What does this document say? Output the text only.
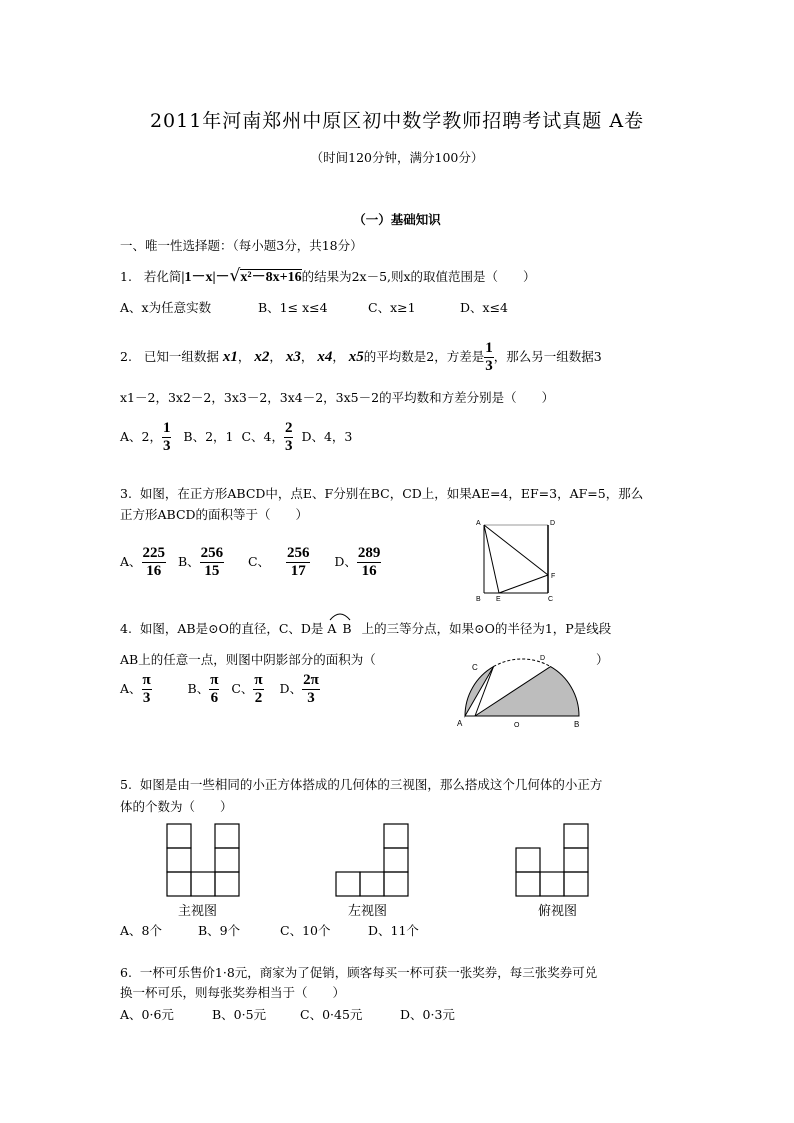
2011年河南郑州中原区初中数学教师招聘考试真题 A卷
（时间120分钟，满分100分）
（一）基础知识
一、唯一性选择题：（每小题3分，共18分）
1. 若化简|1－x|－√x²－8x+16的结果为2x－5,则x的取值范围是（　　）
A、x为任意实数	B、1≤ x≤4	C、x≥1	D、x≤4
2. 已知一组数据 x1， x2， x3， x4， x5的平均数是2，方差是 $\frac{1}{3}$ ，那么另一组数据3
x1－2，3x2－2，3x3－2，3x4－2，3x5－2的平均数和方差分别是（　　）
A、2， $\frac{1}{3}$ B、2，1 C、4， $\frac{2}{3}$ D、4，3
3. 如图，在正方形ABCD中，点E、F分别在BC，CD上，如果AE=4，EF=3，AF=5，那么
正方形ABCD的面积等于（　　）
A、 $\frac{225}{16}$ B、 $\frac{256}{15}$ C、 $\frac{256}{17}$ D、 $\frac{289}{16}$
A	D
B E	C
F
4. 如图，AB是⊙O的直径，C、D是 AB 上的三等分点，如果⊙O的半径为1，P是线段
AB上的任意一点，则图中阴影部分的面积为（	）
A、 $\frac{\pi}{3}$	B、 $\frac{\pi}{6}$ C、 $\frac{\pi}{2}$ D、 $\frac{2\pi}{3}$
C
D
A	O	B
5. 如图是由一些相同的小正方体搭成的几何体的三视图，那么搭成这个几何体的小正方
体的个数为（　　）
主视图	左视图	俯视图
A、8个	B、9个	C、10个	D、11个
6. 一杯可乐售价1·8元，商家为了促销，顾客每买一杯可获一张奖券，每三张奖券可兑
换一杯可乐，则每张奖券相当于（　　）
A、0·6元	B、0·5元	C、0·45元	D、0·3元
